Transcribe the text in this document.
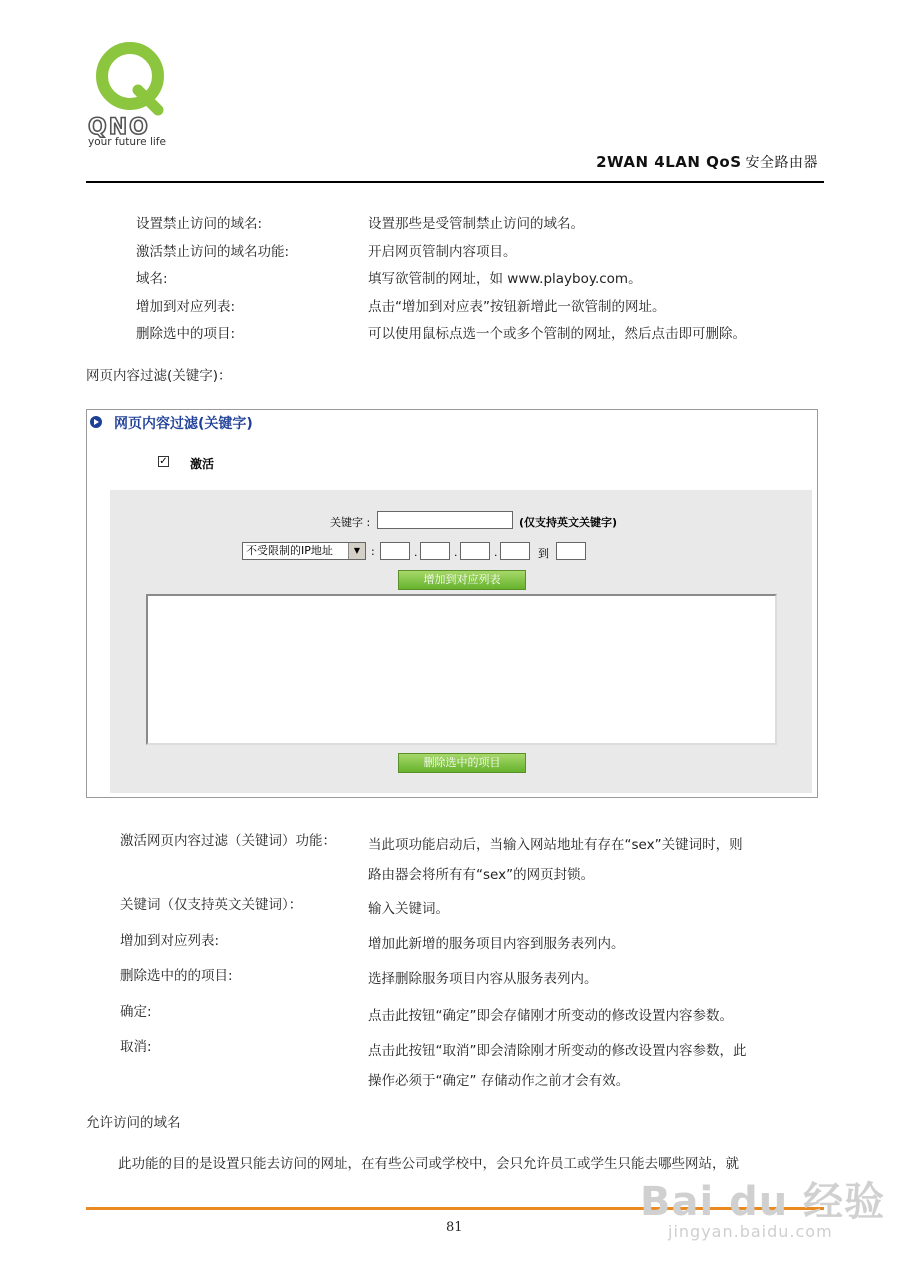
QNO
your future life
2WAN 4LAN QoS 安全路由器
设置禁止访问的域名:	设置那些是受管制禁止访问的域名。
激活禁止访问的域名功能:	开启网页管制内容项目。
域名:	填写欲管制的网址，如 www.playboy.com。
增加到对应列表:	点击“增加到对应表”按钮新增此一欲管制的网址。
删除选中的项目:	可以使用鼠标点选一个或多个管制的网址，然后点击即可删除。
网页内容过滤(关键字)：
网页内容过滤(关键字)
✓ 激活
关键字 :	(仅支持英文关键字)
不受限制的IP地址	▼ :	.	.	.	到
增加到对应列表
删除选中的项目
激活网页内容过滤（关键词）功能： 当此项功能启动后，当输入网站地址有存在“sex”关键词时，则
路由器会将所有有“sex”的网页封锁。
关键词（仅支持英文关键词）：	输入关键词。
增加到对应列表:	增加此新增的服务项目内容到服务表列内。
删除选中的的项目:	选择删除服务项目内容从服务表列内。
确定:	点击此按钮“确定”即会存储刚才所变动的修改设置内容参数。
取消:	点击此按钮“取消”即会清除刚才所变动的修改设置内容参数，此
操作必须于“确定” 存储动作之前才会有效。
允许访问的域名
此功能的目的是设置只能去访问的网址，在有些公司或学校中，会只允许员工或学生只能去哪些网站，就
81
Bai du 经验
jingyan.baidu.com
